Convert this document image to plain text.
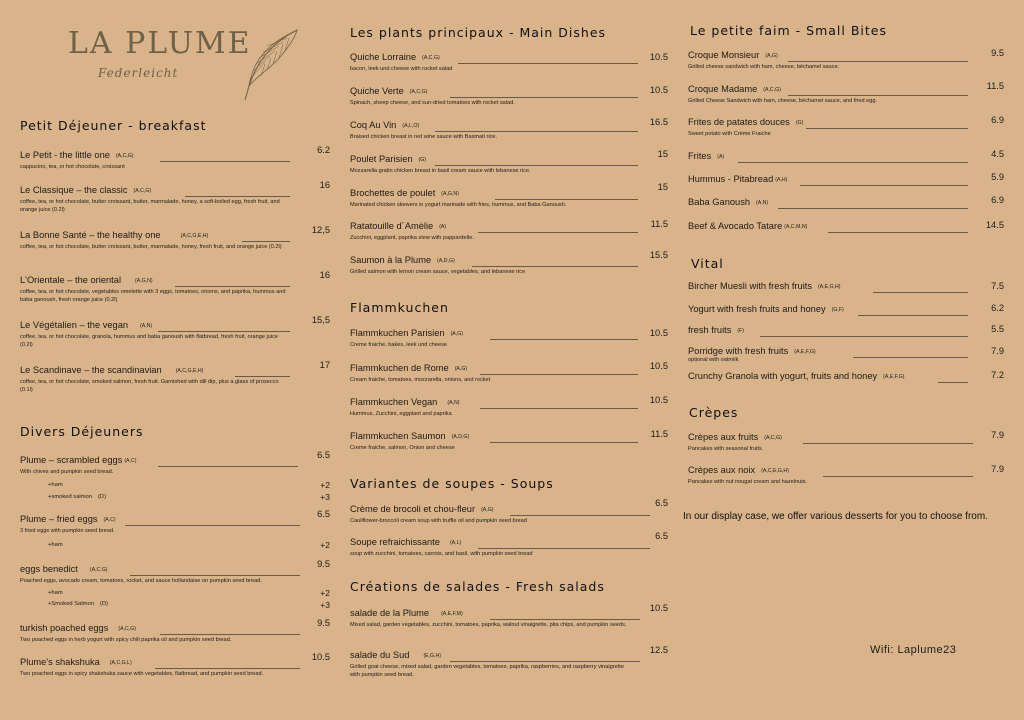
LA PLUME
Federleicht
Petit Déjeuner - breakfast
Le Petit - the little one (A,C,G)
6.2
cappucino, tea, or hot chocolate, croissant
Le Classique – the classic (A,C,G)
16
coffee, tea, or hot chocolate, butter croissant, butter, marmalade, honey, a soft-boiled egg, fresh fruit, and orange juice (0.2l)
La Bonne Santé – the healthy one	(A,C,G,E,H)
12,5
coffee, tea, or hot chocolate, butter croissant, butter, marmalade, honey, fresh fruit, and orange juice (0.2l)
L'Orientale – the oriental	(A,G,N)
16
coffee, tea, or hot chocolate, vegetables omelette with 3 eggs, tomatoes, onions, and paprika, hummus and baba ganoush, fresh orange juice (0.2l)
Le Végétalien – the vegan (A,N)
15,5
coffee, tea, or hot chocolate, granola, hummus and baba ganoush with flatbread, fresh fruit, orange juice (0.2l)
Le Scandinave – the scandinavian	(A,C,G,E,H)
17
coffee, tea, or hot chocolate, smoked salmon, fresh fruit. Garnished with dill dip, plus a glass of prosecco (0.1l)
Divers Déjeuners
Plume – scrambled eggs (A,C)
6.5
With chives and pumpkin seed bread.
+ham	+2
+smoked salmon (D)	+3
Plume – fried eggs (A,C)
6.5
3 fried eggs with pumpkin seed bread.
+ham	+2
eggs benedict (A,C,G)
9.5
Poached eggs, avocado cream, tomatoes, rocket, and sauce hollandaise on pumpkin seed bread.
+ham	+2
+Smoked Salmon (D)	+3
turkish poached eggs (A,C,G)
9.5
Two poached eggs in herb yogurt with spicy chili paprika oil and pumpkin seed bread.
Plume's shakshuka (A,C,G,L)
10.5
Two poached eggs in spicy shakshuka sauce with vegetables, flatbread, and pumpkin seed bread.
Les plants principaux - Main Dishes
Quiche Lorraine (A,C,G)	10.5
bacon, leek und cheese with rocket salad
Quiche Verte (A,C,G)	10.5
Spinach, sheep cheese, and sun-dried tomatoes with rocket salad.
Coq Au Vin (A,L,O)	16.5
Braised chicken breast in red wine sauce with Basmati rice.
Poulet Parisien (G)
15
Mozzarella gratin chicken breast in basil cream sauce with lebanese rice.
Brochettes de poulet (A,G,N)
15
Marinated chicken skewers in yogurt marinade with fries, hummus, and Baba Ganoush.
Ratatouille d´Amèlie (A)	11.5
Zucchini, eggplant, paprika stew with pappardelle.
Saumon à la Plume (A,D,G)
15.5
Grilled salmon with lemon cream sauce, vegetables, and lebanese rice
Flammkuchen
Flammkuchen Parisien (A,G)	10.5
Creme fraiche, bakes, leek und cheese
Flammkuchen de Rome (A,G)	10.5
Cream fraiche, tomatoes, mozzarella, onions, and rocket
Flammkuchen Vegan (A,N)	10.5
Hummus, Zucchini, eggplant and paprika
Flammkuchen Saumon (A,D,G)	11.5
Creme fraiche, salmon, Onion and cheese
Variantes de soupes - Soups
Crème de brocoli et chou-fleur (A,G)
6.5
Cauliflower-broccoli cream soup with truffle oil and pumpkin seed bread
Soupe refraichissante (A,L)
6.5
soup with zucchini, tomatoes, carrots, and basil, with pumpkin seed bread
Créations de salades - Fresh salads
salade de la Plume (A,E,F,M)
10.5
Mixed salad, garden vegetables, zucchini, tomatoes, paprika, walnut vinaigrette, pita chips, and pumpkin seeds.
salade du Sud	(E,G,H)
12.5
Grilled goat cheese, mixed salad, garden vegetables, tomatoes, paprika, raspberries, and raspberry vinaigrette with pumpkin seed bread.
Le petite faim - Small Bites
Croque Monsieur (A,G)	9.5
Grilled cheese sandwich with ham, cheese, béchamel sauce.
Croque Madame (A,C,G)	11.5
Grilled Cheese Sandwich with ham, cheese, béchamel sauce, and fried egg.
Frites de patates douces (G)	6.9
Sweet potato with Crème Fraiche
Frites (A)	4.5
Hummus - Pitabread (A,H)	5.9
Baba Ganoush (A,N)	6.9
Beef & Avocado Tatare (A,C,M,N)	14.5
Vital
Bircher Muesli with fresh fruits (A,E,G,H)	7.5
Yogurt with fresh fruits and honey (G,F)	6.2
fresh fruits (F)	5.5
Porridge with fresh fruits (A,E,F,G)	7.9
optional with oatmilk
Crunchy Granola with yogurt, fruits and honey (A,E,F,G)	7.2
Crèpes
Crèpes aux fruits (A,C,G)	7.9
Pancakes with seasonal fruits.
Crèpes aux noix (A,C,E,G,H)	7.9
Pancakes with nut nougat cream and hazelnuts.
In our display case, we offer various desserts for you to choose from.
Wifi: Laplume23
